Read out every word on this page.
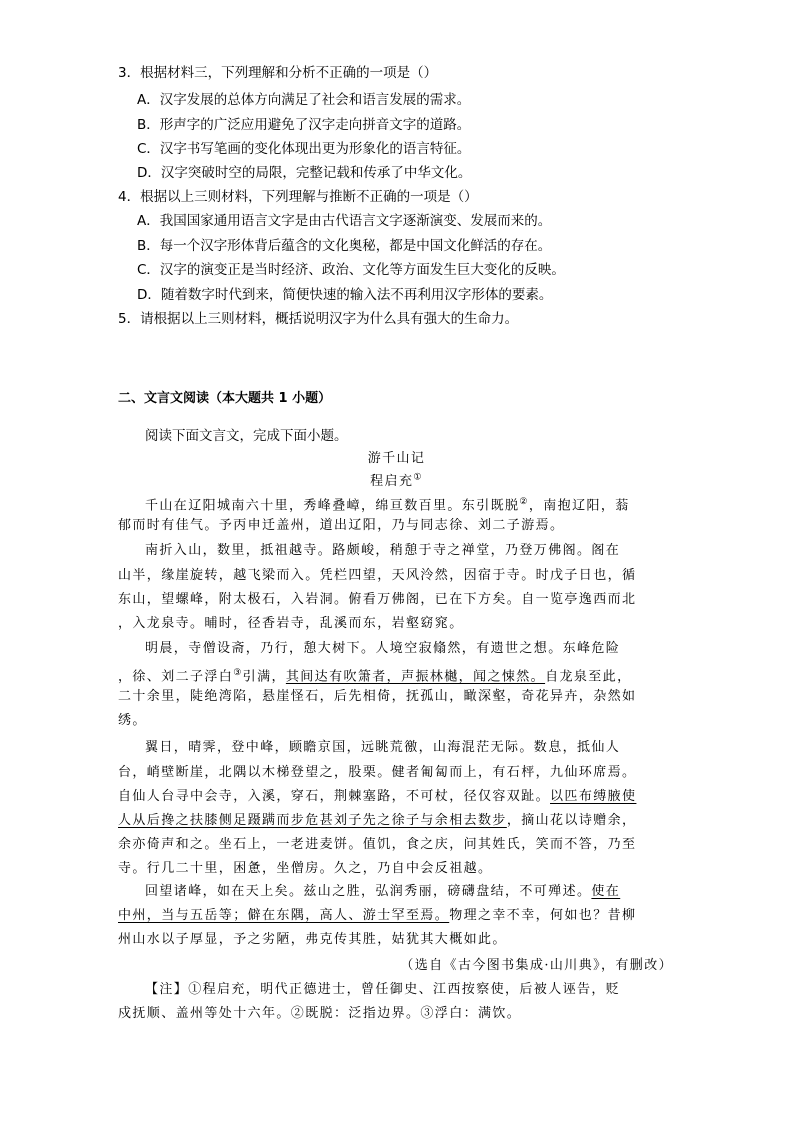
3．根据材料三，下列理解和分析不正确的一项是（）
A．汉字发展的总体方向满足了社会和语言发展的需求。
B．形声字的广泛应用避免了汉字走向拼音文字的道路。
C．汉字书写笔画的变化体现出更为形象化的语言特征。
D．汉字突破时空的局限，完整记载和传承了中华文化。
4．根据以上三则材料，下列理解与推断不正确的一项是（）
A．我国国家通用语言文字是由古代语言文字逐渐演变、发展而来的。
B．每一个汉字形体背后蕴含的文化奥秘，都是中国文化鲜活的存在。
C．汉字的演变正是当时经济、政治、文化等方面发生巨大变化的反映。
D．随着数字时代到来，简便快速的输入法不再利用汉字形体的要素。
5．请根据以上三则材料，概括说明汉字为什么具有强大的生命力。
二、文言文阅读（本大题共 1 小题）
阅读下面文言文，完成下面小题。
游千山记
程启充①
千山在辽阳城南六十里，秀峰叠嶂，绵亘数百里。东引既脱②，南抱辽阳，蓊
郁而时有佳气。予丙申迁盖州，道出辽阳，乃与同志徐、刘二子游焉。
南折入山，数里，抵祖越寺。路颇峻，稍憩于寺之禅堂，乃登万佛阁。阁在
山半，缘崖旋转，越飞梁而入。凭栏四望，天风泠然，因宿于寺。时戊子日也，循
东山，望螺峰，附太极石，入岩洞。俯看万佛阁，已在下方矣。自一览亭逸西而北
，入龙泉寺。晡时，径香岩寺，乱溪而东，岩壑窈窕。
明晨，寺僧设斋，乃行，憩大树下。人境空寂翛然，有遗世之想。东峰危险
，徐、刘二子浮白③引满，其间达有吹箫者，声振林樾，闻之悚然。自龙泉至此，
二十余里，陡绝湾陷，悬崖怪石，后先相倚，抚孤山，瞰深壑，奇花异卉，杂然如
绣。
翼日，晴霁，登中峰，顾瞻京国，远眺荒徼，山海混茫无际。数息，抵仙人
台，峭壁断崖，北隅以木梯登望之，股栗。健者匍匐而上，有石枰，九仙环席焉。
自仙人台寻中会寺，入溪，穿石，荆棘塞路，不可杖，径仅容双趾。以匹布缚腋使
人从后搀之扶膝侧足蹑蹒而步危甚刘子先之徐子与余相去数步，摘山花以诗赠余，
余亦倚声和之。坐石上，一老进麦饼。值饥，食之庆，问其姓氏，笑而不答，乃至
寺。行几二十里，困惫，坐僧房。久之，乃自中会反祖越。
回望诸峰，如在天上矣。兹山之胜，弘润秀丽，磅礴盘结，不可殚述。使在
中州，当与五岳等；僻在东隅，高人、游士罕至焉。物理之幸不幸，何如也？昔柳
州山水以子厚显，予之劣陋，弗克传其胜，姑犹其大概如此。
（选自《古今图书集成·山川典》，有删改）
【注】①程启充，明代正德进士，曾任御史、江西按察使，后被人诬告，贬
戍抚顺、盖州等处十六年。②既脱：泛指边界。③浮白：满饮。
